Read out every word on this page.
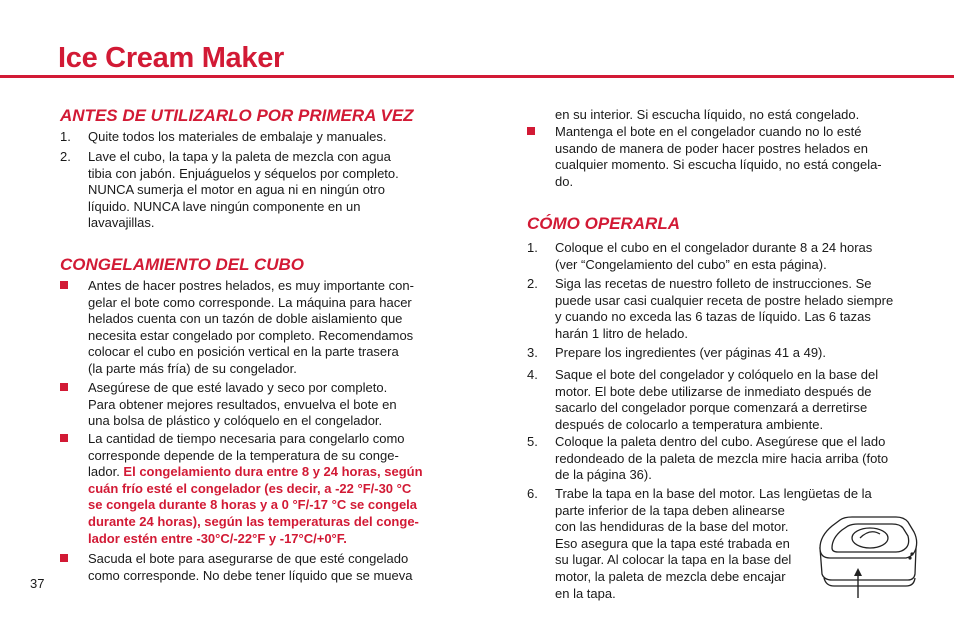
Ice Cream Maker
ANTES DE UTILIZARLO POR PRIMERA VEZ
1. Quite todos los materiales de embalaje y manuales.
2. Lave el cubo, la tapa y la paleta de mezcla con agua
tibia con jabón. Enjuáguelos y séquelos por completo.
NUNCA sumerja el motor en agua ni en ningún otro
líquido. NUNCA lave ningún componente en un
lavavajillas.
CONGELAMIENTO DEL CUBO
Antes de hacer postres helados, es muy importante con-
gelar el bote como corresponde. La máquina para hacer
helados cuenta con un tazón de doble aislamiento que
necesita estar congelado por completo. Recomendamos
colocar el cubo en posición vertical en la parte trasera
(la parte más fría) de su congelador.
Asegúrese de que esté lavado y seco por completo.
Para obtener mejores resultados, envuelva el bote en
una bolsa de plástico y colóquelo en el congelador.
La cantidad de tiempo necesaria para congelarlo como
corresponde depende de la temperatura de su conge-
lador. El congelamiento dura entre 8 y 24 horas, según
cuán frío esté el congelador (es decir, a -22 °F/-30 °C
se congela durante 8 horas y a 0 °F/-17 °C se congela
durante 24 horas), según las temperaturas del conge-
lador estén entre -30°C/-22°F y -17°C/+0°F.
Sacuda el bote para asegurarse de que esté congelado
como corresponde. No debe tener líquido que se mueva
37
en su interior. Si escucha líquido, no está congelado.
Mantenga el bote en el congelador cuando no lo esté
usando de manera de poder hacer postres helados en
cualquier momento. Si escucha líquido, no está congela-
do.
CÓMO OPERARLA
1. Coloque el cubo en el congelador durante 8 a 24 horas
(ver “Congelamiento del cubo” en esta página).
2. Siga las recetas de nuestro folleto de instrucciones. Se
puede usar casi cualquier receta de postre helado siempre
y cuando no exceda las 6 tazas de líquido. Las 6 tazas
harán 1 litro de helado.
3. Prepare los ingredientes (ver páginas 41 a 49).
4. Saque el bote del congelador y colóquelo en la base del
motor. El bote debe utilizarse de inmediato después de
sacarlo del congelador porque comenzará a derretirse
después de colocarlo a temperatura ambiente.
5. Coloque la paleta dentro del cubo. Asegúrese que el lado
redondeado de la paleta de mezcla mire hacia arriba (foto
de la página 36).
6. Trabe la tapa en la base del motor. Las lengüetas de la
parte inferior de la tapa deben alinearse
con las hendiduras de la base del motor.
Eso asegura que la tapa esté trabada en
su lugar. Al colocar la tapa en la base del
motor, la paleta de mezcla debe encajar
en la tapa.
